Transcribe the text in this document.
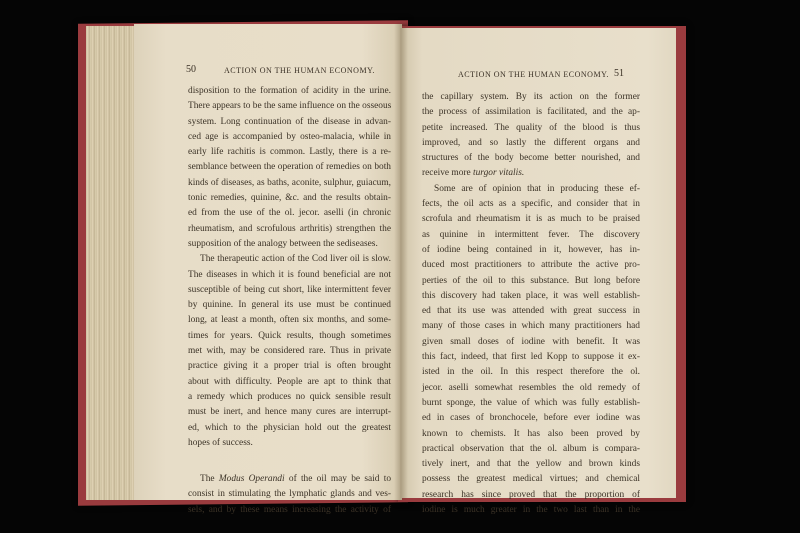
50	ACTION ON THE HUMAN ECONOMY.
disposition to the formation of acidity in the urine.
There appears to be the same influence on the osseous
system. Long continuation of the disease in advan-
ced age is accompanied by osteo-malacia, while in
early life rachitis is common. Lastly, there is a re-
semblance between the operation of remedies on both
kinds of diseases, as baths, aconite, sulphur, guiacum,
tonic remedies, quinine, &c. and the results obtain-
ed from the use of the ol. jecor. aselli (in chronic
rheumatism, and scrofulous arthritis) strengthen the
supposition of the analogy between the sediseases.
The therapeutic action of the Cod liver oil is slow.
The diseases in which it is found beneficial are not
susceptible of being cut short, like intermittent fever
by quinine. In general its use must be continued
long, at least a month, often six months, and some-
times for years. Quick results, though sometimes
met with, may be considered rare. Thus in private
practice giving it a proper trial is often brought
about with difficulty. People are apt to think that
a remedy which produces no quick sensible result
must be inert, and hence many cures are interrupt-
ed, which to the physician hold out the greatest
hopes of success.
The Modus Operandi of the oil may be said to
consist in stimulating the lymphatic glands and ves-
sels, and by these means increasing the activity of
ACTION ON THE HUMAN ECONOMY. 51
the capillary system. By its action on the former
the process of assimilation is facilitated, and the ap-
petite increased. The quality of the blood is thus
improved, and so lastly the different organs and
structures of the body become better nourished, and
receive more turgor vitalis.
Some are of opinion that in producing these ef-
fects, the oil acts as a specific, and consider that in
scrofula and rheumatism it is as much to be praised
as quinine in intermittent fever. The discovery
of iodine being contained in it, however, has in-
duced most practitioners to attribute the active pro-
perties of the oil to this substance. But long before
this discovery had taken place, it was well establish-
ed that its use was attended with great success in
many of those cases in which many practitioners had
given small doses of iodine with benefit. It was
this fact, indeed, that first led Kopp to suppose it ex-
isted in the oil. In this respect therefore the ol.
jecor. aselli somewhat resembles the old remedy of
burnt sponge, the value of which was fully establish-
ed in cases of bronchocele, before ever iodine was
known to chemists. It has also been proved by
practical observation that the ol. album is compara-
tively inert, and that the yellow and brown kinds
possess the greatest medical virtues; and chemical
research has since proved that the proportion of
iodine is much greater in the two last than in the
